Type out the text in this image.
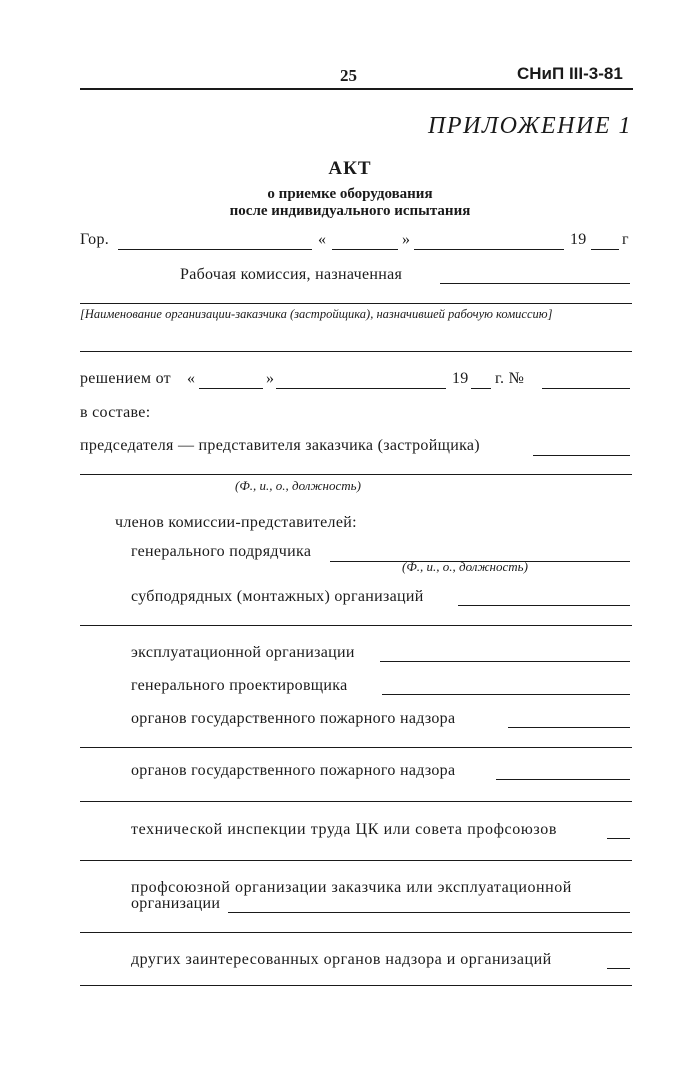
25	СНиП III-3-81
ПРИЛОЖЕНИЕ 1
АКТ
о приемке оборудования
после индивидуального испытания
Гор.	«	»	19 г
Рабочая комиссия, назначенная
[Наименование организации-заказчика (застройщика), назначившей рабочую комиссию]
решением от «	»	19 г. №
в составе:
председателя — представителя заказчика (застройщика)
(Ф., и., о., должность)
членов комиссии-представителей:
генерального подрядчика
(Ф., и., о., должность)
субподрядных (монтажных) организаций
эксплуатационной организации
генерального проектировщика
органов государственного пожарного надзора
органов государственного пожарного надзора
технической инспекции труда ЦК или совета профсоюзов
профсоюзной организации заказчика или эксплуатационной
организации
других заинтересованных органов надзора и организаций
